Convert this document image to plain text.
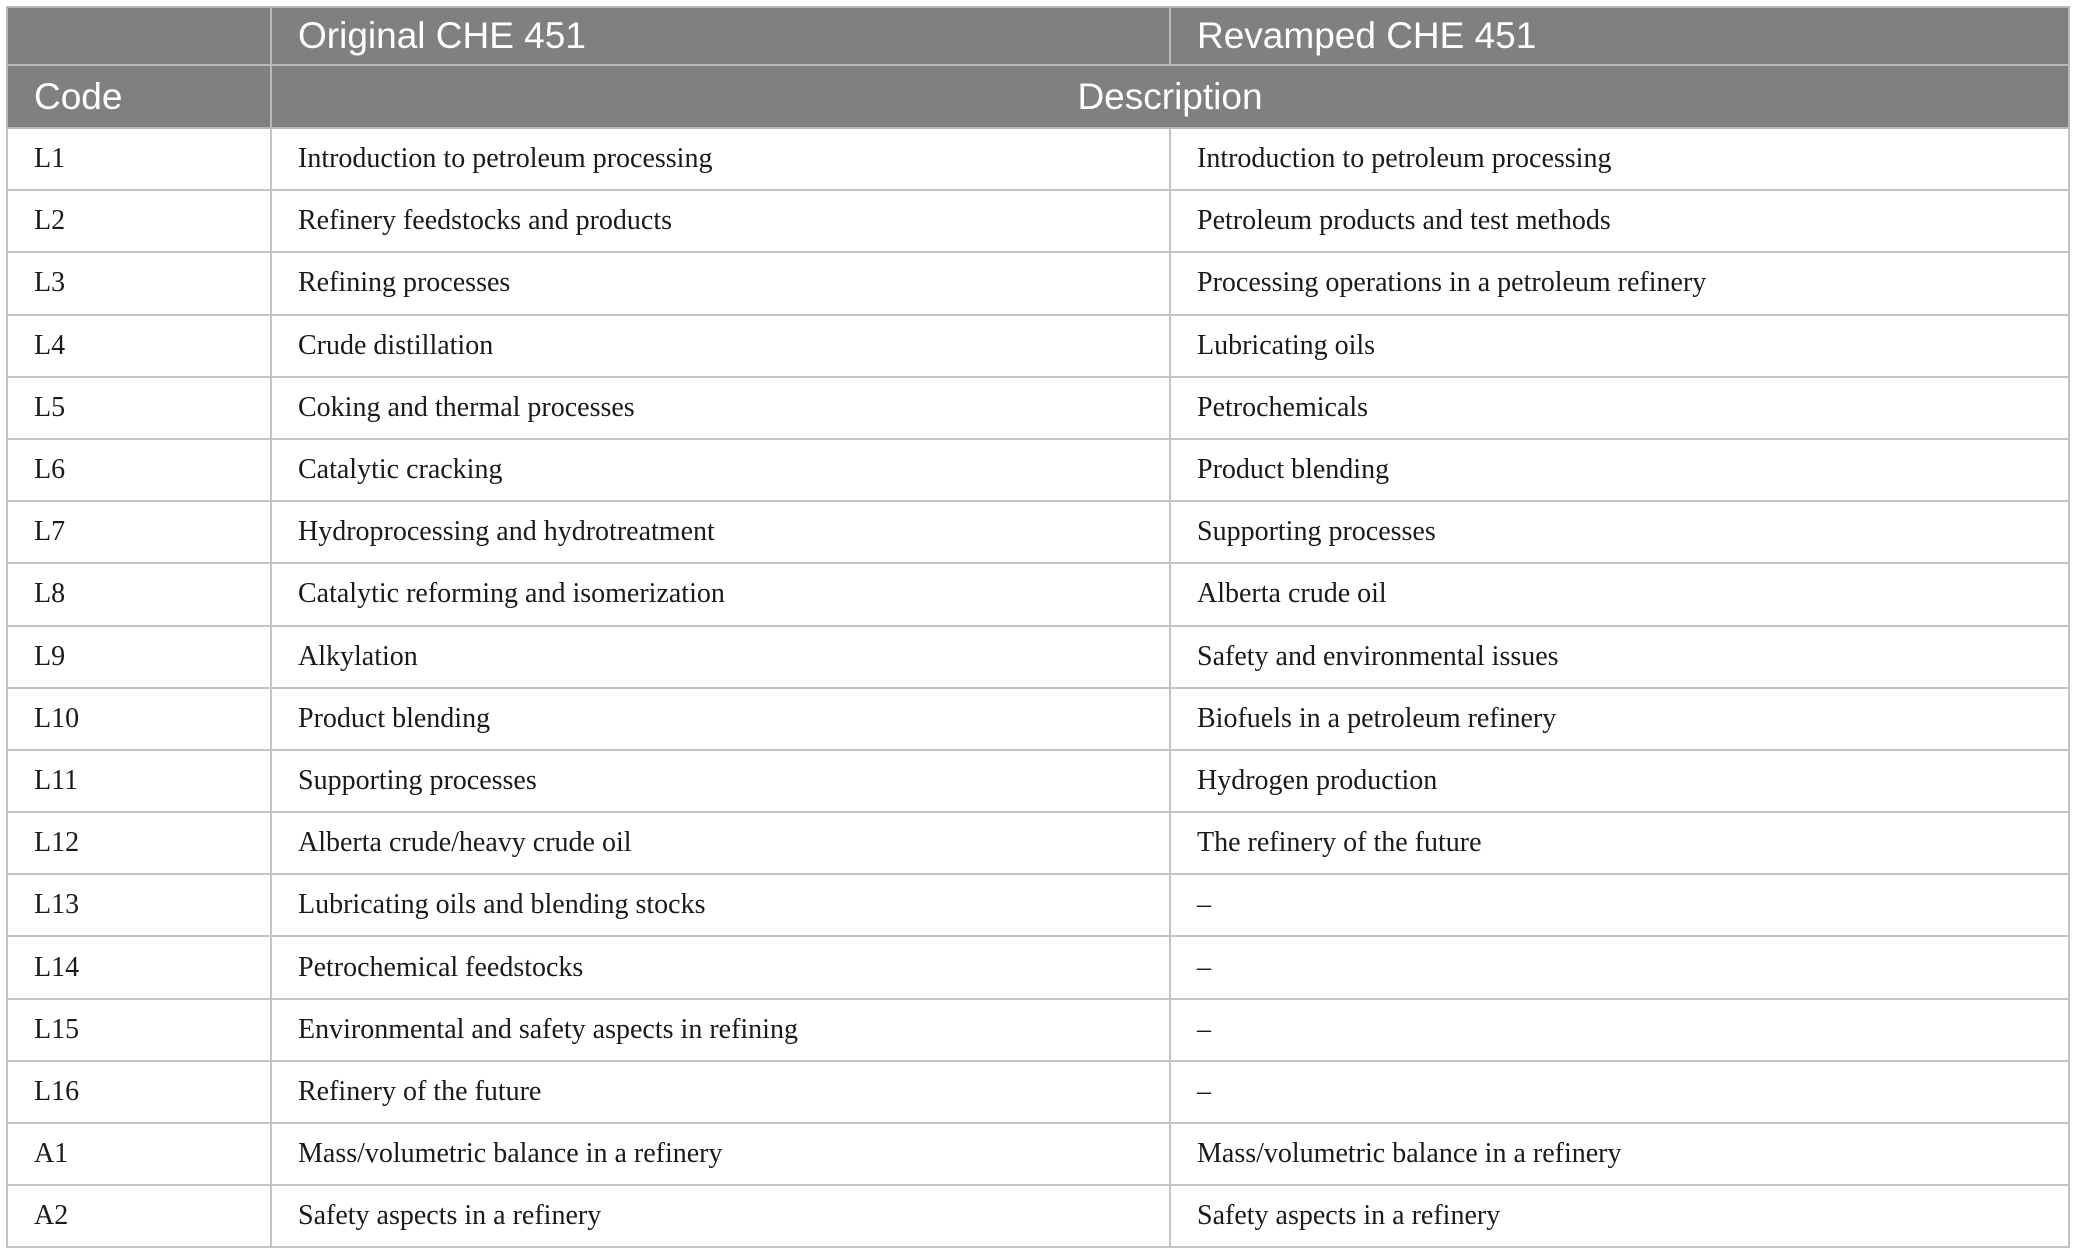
	Original CHE 451	Revamped CHE 451
Code	Description	
L1	Introduction to petroleum processing	Introduction to petroleum processing
L2	Refinery feedstocks and products	Petroleum products and test methods
L3	Refining processes	Processing operations in a petroleum refinery
L4	Crude distillation	Lubricating oils
L5	Coking and thermal processes	Petrochemicals
L6	Catalytic cracking	Product blending
L7	Hydroprocessing and hydrotreatment	Supporting processes
L8	Catalytic reforming and isomerization	Alberta crude oil
L9	Alkylation	Safety and environmental issues
L10	Product blending	Biofuels in a petroleum refinery
L11	Supporting processes	Hydrogen production
L12	Alberta crude/heavy crude oil	The refinery of the future
L13	Lubricating oils and blending stocks	–
L14	Petrochemical feedstocks	–
L15	Environmental and safety aspects in refining	–
L16	Refinery of the future	–
A1	Mass/volumetric balance in a refinery	Mass/volumetric balance in a refinery
A2	Safety aspects in a refinery	Safety aspects in a refinery
